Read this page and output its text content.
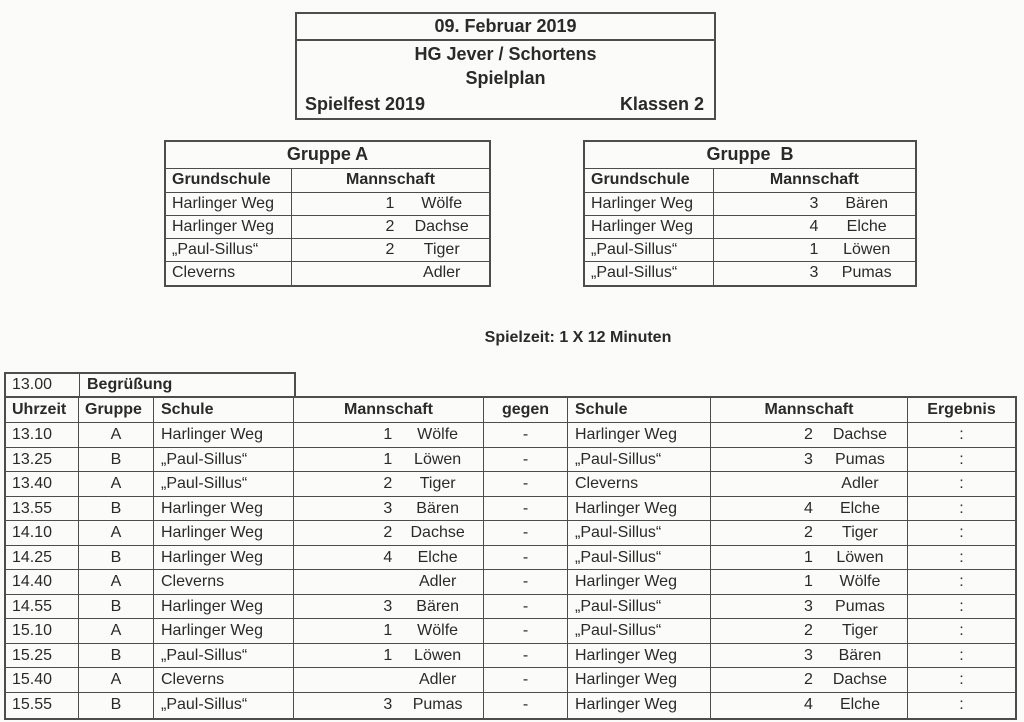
09. Februar 2019
HG Jever / Schortens
Spielplan
Spielfest 2019	Klassen 2
Gruppe A
Grundschule	Mannschaft
Harlinger Weg	1	Wölfe
Harlinger Weg	2	Dachse
„Paul-Sillus“	2	Tiger
Cleverns	Adler
Gruppe  B
Grundschule	Mannschaft
Harlinger Weg	3	Bären
Harlinger Weg	4	Elche
„Paul-Sillus“	1	Löwen
„Paul-Sillus“	3	Pumas
Spielzeit: 1 X 12 Minuten
13.00	Begrüßung
Uhrzeit	Gruppe	Schule	Mannschaft	gegen	Schule	Mannschaft	Ergebnis
13.10	A	Harlinger Weg	1	Wölfe	-	Harlinger Weg	2	Dachse	:
13.25	B	„Paul-Sillus“	1	Löwen	-	„Paul-Sillus“	3	Pumas	:
13.40	A	„Paul-Sillus“	2	Tiger	-	Cleverns	Adler	:
13.55	B	Harlinger Weg	3	Bären	-	Harlinger Weg	4	Elche	:
14.10	A	Harlinger Weg	2	Dachse	-	„Paul-Sillus“	2	Tiger	:
14.25	B	Harlinger Weg	4	Elche	-	„Paul-Sillus“	1	Löwen	:
14.40	A	Cleverns	Adler	-	Harlinger Weg	1	Wölfe	:
14.55	B	Harlinger Weg	3	Bären	-	„Paul-Sillus“	3	Pumas	:
15.10	A	Harlinger Weg	1	Wölfe	-	„Paul-Sillus“	2	Tiger	:
15.25	B	„Paul-Sillus“	1	Löwen	-	Harlinger Weg	3	Bären	:
15.40	A	Cleverns	Adler	-	Harlinger Weg	2	Dachse	:
15.55	B	„Paul-Sillus“	3	Pumas	-	Harlinger Weg	4	Elche	:
